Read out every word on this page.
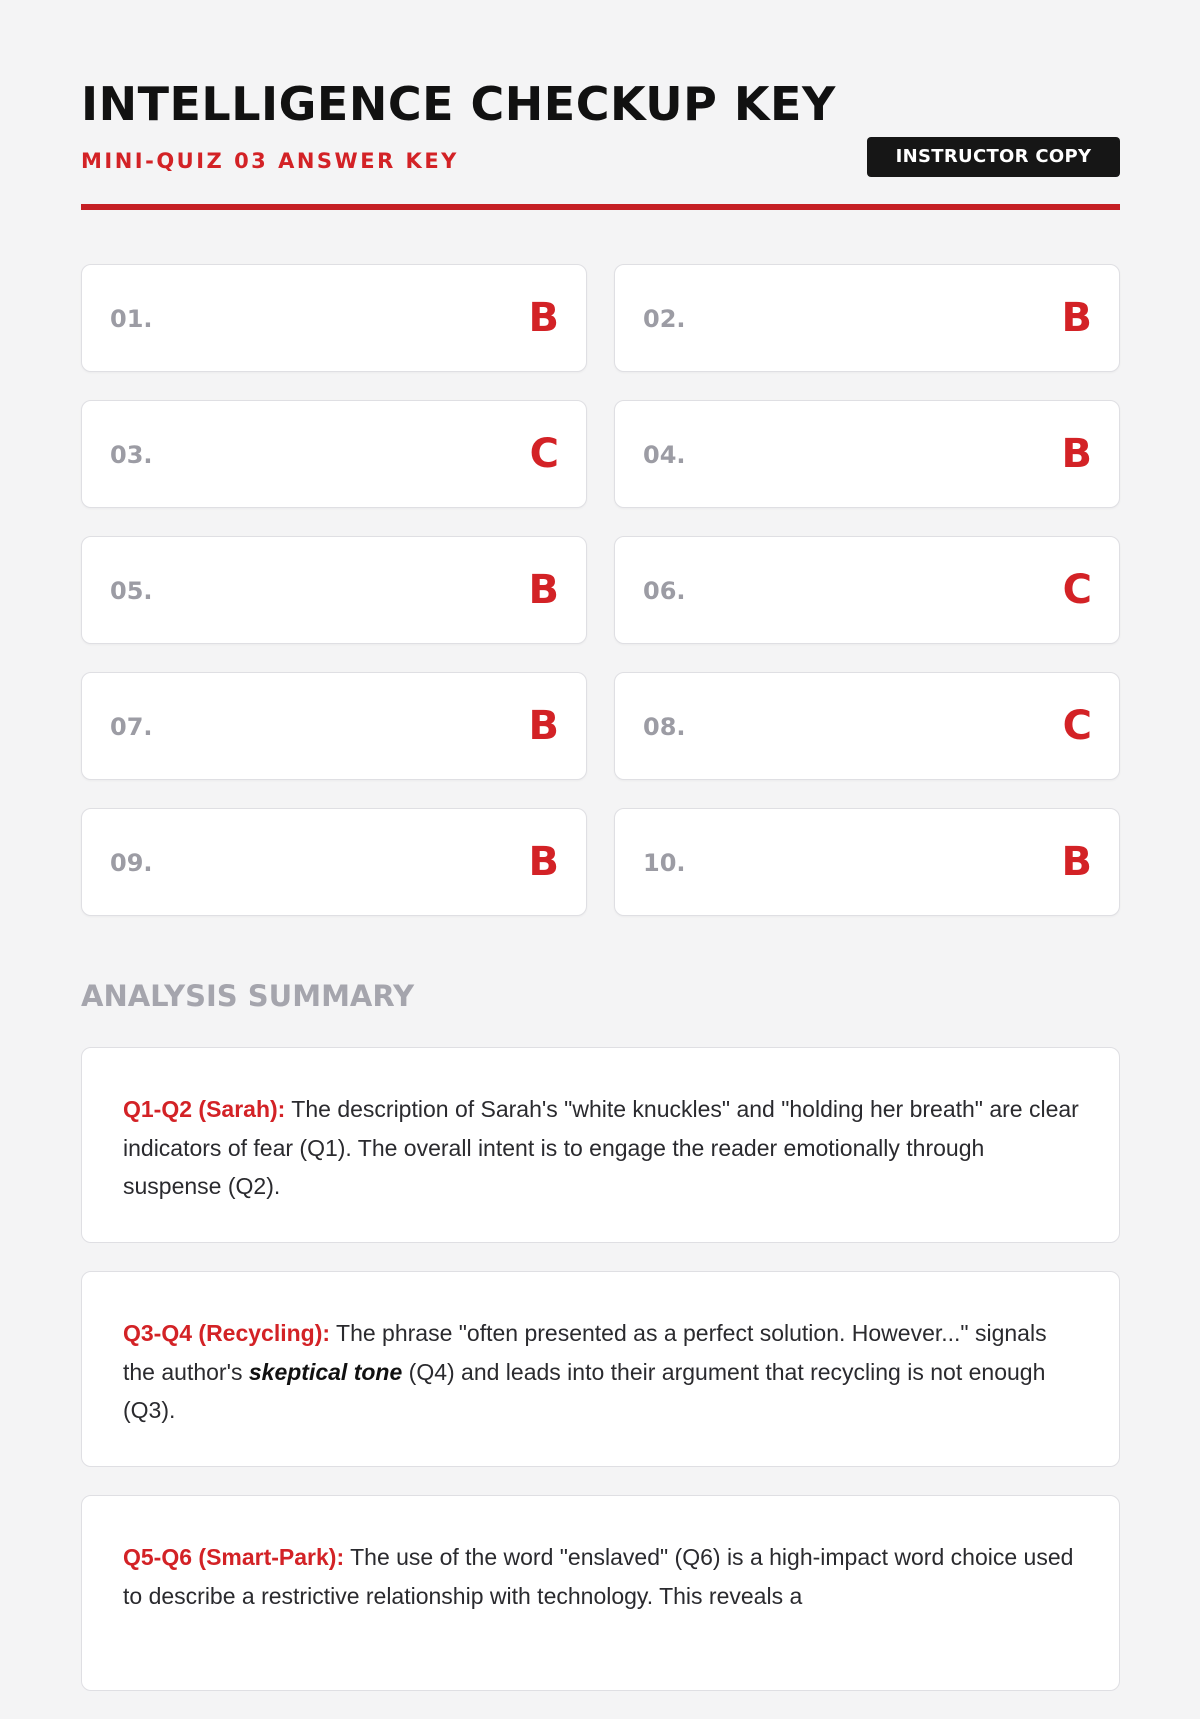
INTELLIGENCE CHECKUP KEY
MINI-QUIZ 03 ANSWER KEY	INSTRUCTOR COPY
01.	B	02.	B
03.	C	04.	B
05.	B	06.	C
07.	B	08.	C
09.	B	10.	B
ANALYSIS SUMMARY

Q1-Q2 (Sarah): The description of Sarah's "white knuckles" and "holding her breath" are clear indicators of fear (Q1). The overall intent is to engage the reader emotionally through suspense (Q2).

Q3-Q4 (Recycling): The phrase "often presented as a perfect solution. However..." signals the author's skeptical tone (Q4) and leads into their argument that recycling is not enough (Q3).

Q5-Q6 (Smart-Park): The use of the word "enslaved" (Q6) is a high-impact word choice used to describe a restrictive relationship with technology. This reveals a
